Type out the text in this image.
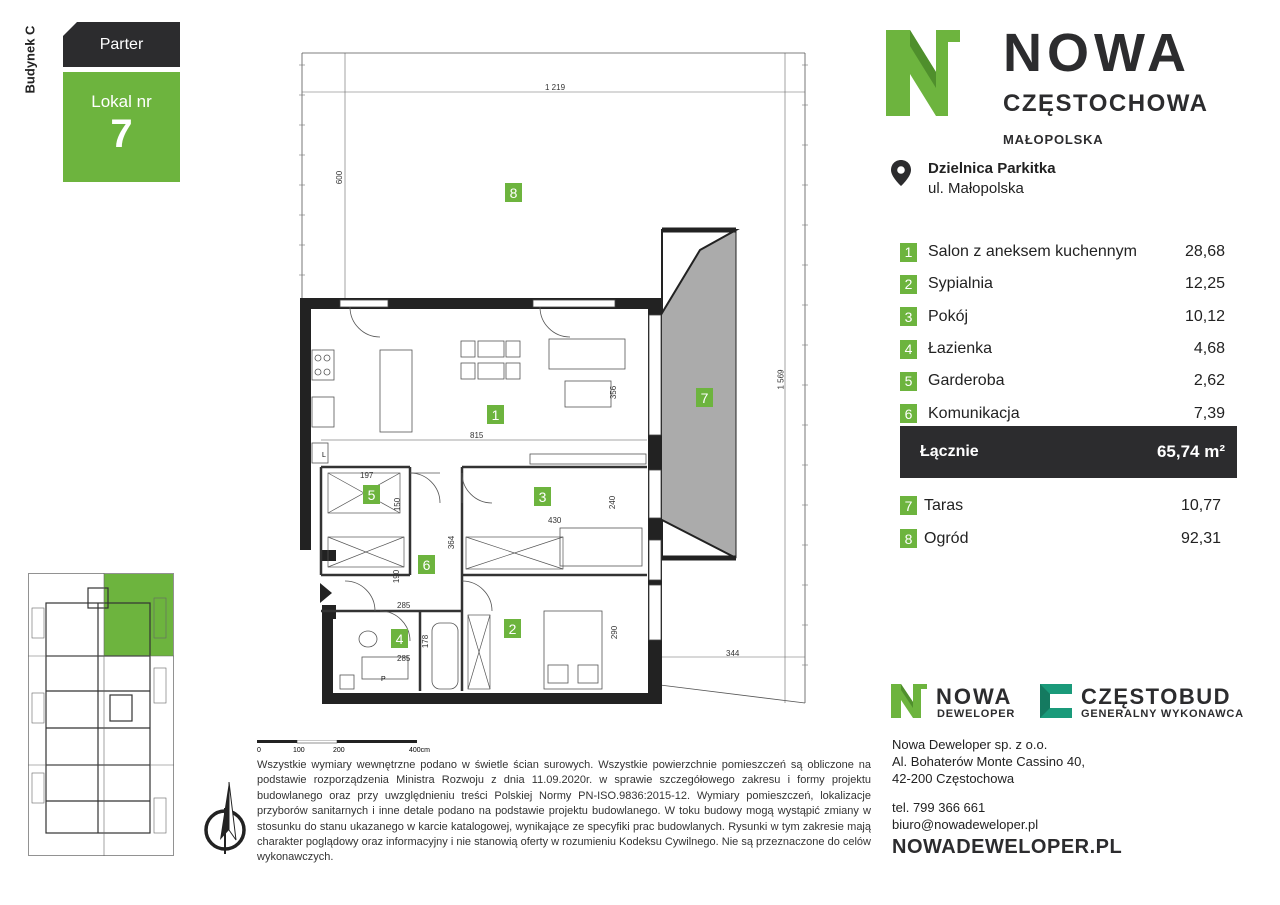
Budynek C	Parter
Lokal nr
7
L
P
8
1
7
5	3
6
2
4
1 219
600
1 569
344
815
356
197
150
430
240
364
190
285
178
285
290
0	100	200	400cm
Wszystkie wymiary wewnętrzne podano w świetle ścian surowych. Wszystkie powierzchnie pomieszczeń są obliczone na podstawie rozporządzenia Ministra Rozwoju z dnia 11.09.2020r. w sprawie szczegółowego zakresu i formy projektu budowlanego oraz przy uwzględnieniu treści Polskiej Normy PN-ISO.9836:2015-12. Wymiary pomieszczeń, lokalizacje przyborów sanitarnych i inne detale podano na podstawie projektu budowlanego. W toku budowy mogą wystąpić zmiany w stosunku do stanu ukazanego w karcie katalogowej, wynikające ze specyfiki prac budowlanych. Rysunki w tym zakresie mają charakter poglądowy oraz informacyjny i nie stanowią oferty w rozumieniu Kodeksu Cywilnego. Nie są przeznaczone do celów wykonawczych.
NOWA
CZĘSTOCHOWA
MAŁOPOLSKA
Dzielnica Parkitka
ul. Małopolska
1 Salon z aneksem kuchennym	28,68
2 Sypialnia	12,25
3 Pokój	10,12
4 Łazienka	4,68
5 Garderoba	2,62
6 Komunikacja	7,39
Łącznie	65,74 m²
7 Taras	10,77
8 Ogród	92,31
NOWA
DEWELOPER
CZĘSTOBUD
GENERALNY WYKONAWCA
Nowa Deweloper sp. z o.o.
Al. Bohaterów Monte Cassino 40,
42-200 Częstochowa
tel. 799 366 661
biuro@nowadeweloper.pl
NOWADEWELOPER.PL
